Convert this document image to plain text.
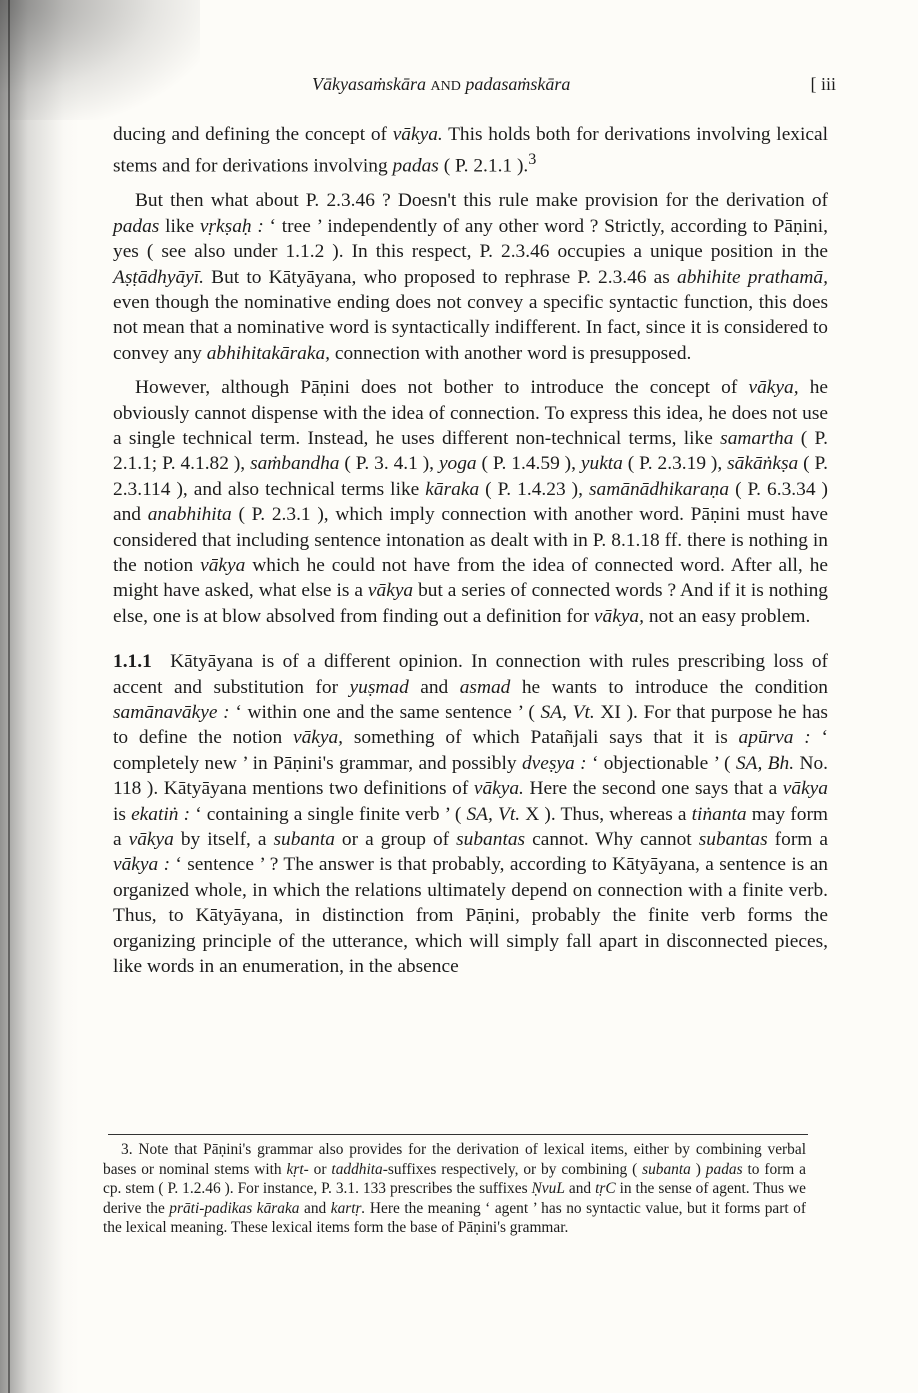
Vākyasaṁskāra AND padasaṁskāra	[ iii

ducing and defining the concept of vākya. This holds both for derivations involving lexical stems and for derivations involving padas ( P. 2.1.1 ).$^3$

But then what about P. 2.3.46 ? Doesn't this rule make provision for the derivation of padas like vṛkṣaḥ : ‘ tree ’ independently of any other word ? Strictly, according to Pāṇini, yes ( see also under 1.1.2 ). In this respect, P. 2.3.46 occupies a unique position in the Aṣṭādhyāyī. But to Kātyāyana, who proposed to rephrase P. 2.3.46 as abhihite prathamā, even though the nominative ending does not convey a specific syntactic function, this does not mean that a nominative word is syntactically indifferent. In fact, since it is considered to convey any abhihitakāraka, connection with another word is presupposed.

However, although Pāṇini does not bother to introduce the concept of vākya, he obviously cannot dispense with the idea of connection. To express this idea, he does not use a single technical term. Instead, he uses different non-technical terms, like samartha ( P. 2.1.1; P. 4.1.82 ), saṁbandha ( P. 3. 4.1 ), yoga ( P. 1.4.59 ), yukta ( P. 2.3.19 ), sākāṅkṣa ( P. 2.3.114 ), and also technical terms like kāraka ( P. 1.4.23 ), samānādhikaraṇa ( P. 6.3.34 ) and anabhihita ( P. 2.3.1 ), which imply connection with another word. Pāṇini must have considered that including sentence intonation as dealt with in P. 8.1.18 ff. there is nothing in the notion vākya which he could not have from the idea of connected word. After all, he might have asked, what else is a vākya but a series of connected words ? And if it is nothing else, one is at blow absolved from finding out a definition for vākya, not an easy problem.

1.1.1 Kātyāyana is of a different opinion. In connection with rules prescribing loss of accent and substitution for yuṣmad and asmad he wants to introduce the condition samānavākye : ‘ within one and the same sentence ’ ( SA, Vt. XI ). For that purpose he has to define the notion vākya, something of which Patañjali says that it is apūrva : ‘ completely new ’ in Pāṇini's grammar, and possibly dveṣya : ‘ objectionable ’ ( SA, Bh. No. 118 ). Kātyāyana mentions two definitions of vākya. Here the second one says that a vākya is ekatiṅ : ‘ containing a single finite verb ’ ( SA, Vt. X ). Thus, whereas a tiṅanta may form a vākya by itself, a subanta or a group of subantas cannot. Why cannot subantas form a vākya : ‘ sentence ’ ? The answer is that probably, according to Kātyāyana, a sentence is an organized whole, in which the relations ultimately depend on connection with a finite verb. Thus, to Kātyāyana, in distinction from Pāṇini, probably the finite verb forms the organizing principle of the utterance, which will simply fall apart in disconnected pieces, like words in an enumeration, in the absence

3. Note that Pāṇini's grammar also provides for the derivation of lexical items, either by combining verbal bases or nominal stems with kṛt- or taddhita-suffixes respectively, or by combining ( subanta ) padas to form a cp. stem ( P. 1.2.46 ). For instance, P. 3.1. 133 prescribes the suffixes ṆvuL and tṛC in the sense of agent. Thus we derive the prāti-padikas kāraka and kartṛ. Here the meaning ‘ agent ’ has no syntactic value, but it forms part of the lexical meaning. These lexical items form the base of Pāṇini's grammar.
